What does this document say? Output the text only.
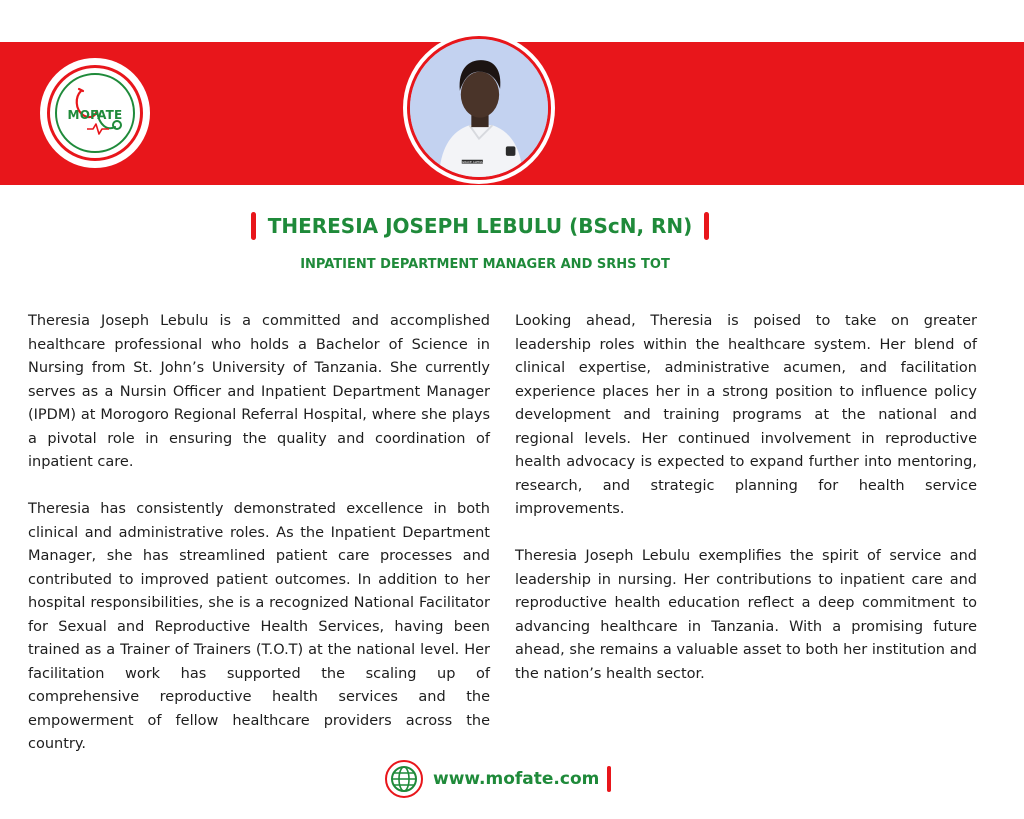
MOFATE
GRACE ALEMA
THERESIA JOSEPH LEBULU (BScN, RN)
INPATIENT DEPARTMENT MANAGER AND SRHS TOT

Theresia Joseph Lebulu is a committed and accomplished healthcare professional who holds a Bachelor of Science in Nursing from St. John’s University of Tanzania. She currently serves as a Nursin Officer and Inpatient Department Manager (IPDM) at Morogoro Regional Referral Hospital, where she plays a pivotal role in ensuring the quality and coordination of inpatient care.

Theresia has consistently demonstrated excellence in both clinical and administrative roles. As the Inpatient Department Manager, she has streamlined patient care processes and contributed to improved patient outcomes. In addition to her hospital responsibilities, she is a recognized National Facilitator for Sexual and Reproductive Health Services, having been trained as a Trainer of Trainers (T.O.T) at the national level. Her facilitation work has supported the scaling up of comprehensive reproductive health services and the empowerment of fellow healthcare providers across the country.

Looking ahead, Theresia is poised to take on greater leadership roles within the healthcare system. Her blend of clinical expertise, administrative acumen, and facilitation experience places her in a strong position to influence policy development and training programs at the national and regional levels. Her continued involvement in reproductive health advocacy is expected to expand further into mentoring, research, and strategic planning for health service improvements.

Theresia Joseph Lebulu exemplifies the spirit of service and leadership in nursing. Her contributions to inpatient care and reproductive health education reflect a deep commitment to advancing healthcare in Tanzania. With a promising future ahead, she remains a valuable asset to both her institution and the nation’s health sector.

www.mofate.com
